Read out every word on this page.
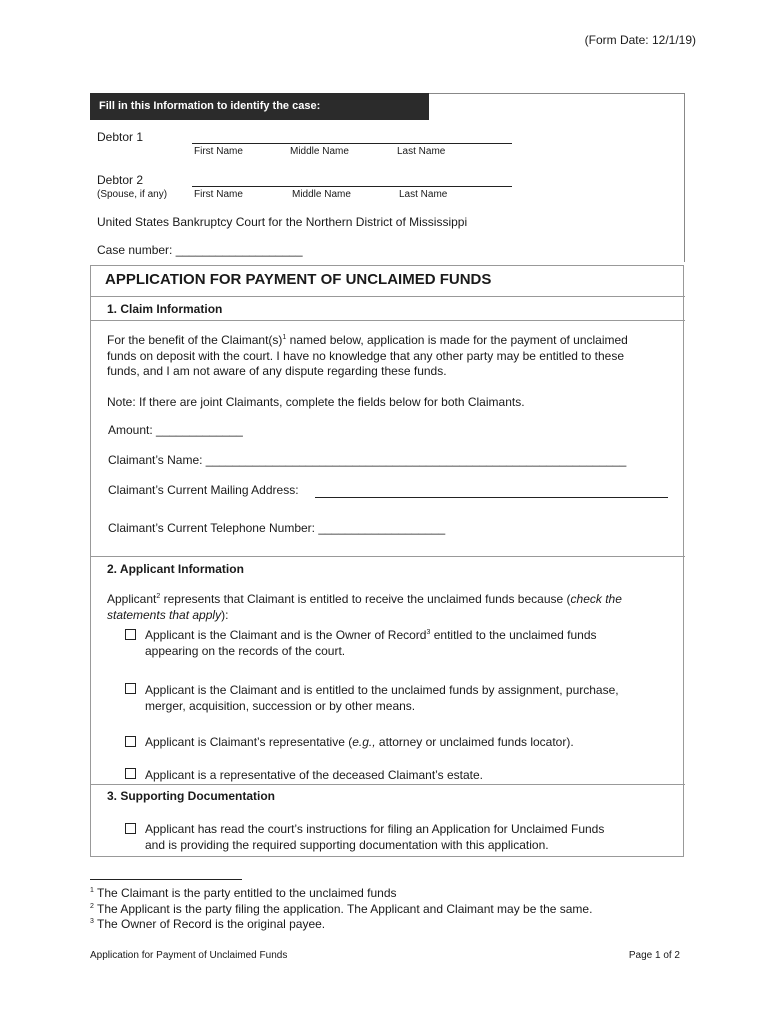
(Form Date: 12/1/19)
Fill in this Information to identify the case:
Debtor 1
First Name	Middle Name	Last Name
Debtor 2
(Spouse, if any)	First Name	Middle Name	Last Name
United States Bankruptcy Court for the Northern District of Mississippi
Case number: ___________________
APPLICATION FOR PAYMENT OF UNCLAIMED FUNDS
1. Claim Information
For the benefit of the $Claimant(s)^1$ named below, application is made for the payment of unclaimed
funds on deposit with the court. I have no knowledge that any other party may be entitled to these
funds, and I am not aware of any dispute regarding these funds.
Note: If there are joint Claimants, complete the fields below for both Claimants.
Amount: _____________
Claimant’s Name: _______________________________________________________________
Claimant’s Current Mailing Address:
Claimant’s Current Telephone Number: ___________________
2. Applicant Information
Applicant$^2$ represents that Claimant is entitled to receive the unclaimed funds because (check the
statements that apply):
Applicant is the Claimant and is the Owner of Record$^3$ entitled to the unclaimed funds
appearing on the records of the court.
Applicant is the Claimant and is entitled to the unclaimed funds by assignment, purchase,
merger, acquisition, succession or by other means.
Applicant is Claimant’s representative (e.g., attorney or unclaimed funds locator).
Applicant is a representative of the deceased Claimant’s estate.
3. Supporting Documentation
Applicant has read the court’s instructions for filing an Application for Unclaimed Funds
and is providing the required supporting documentation with this application.
$^1$ The Claimant is the party entitled to the unclaimed funds
$^2$ The Applicant is the party filing the application. The Applicant and Claimant may be the same.
$^3$ The Owner of Record is the original payee.
Application for Payment of Unclaimed Funds	Page 1 of 2
